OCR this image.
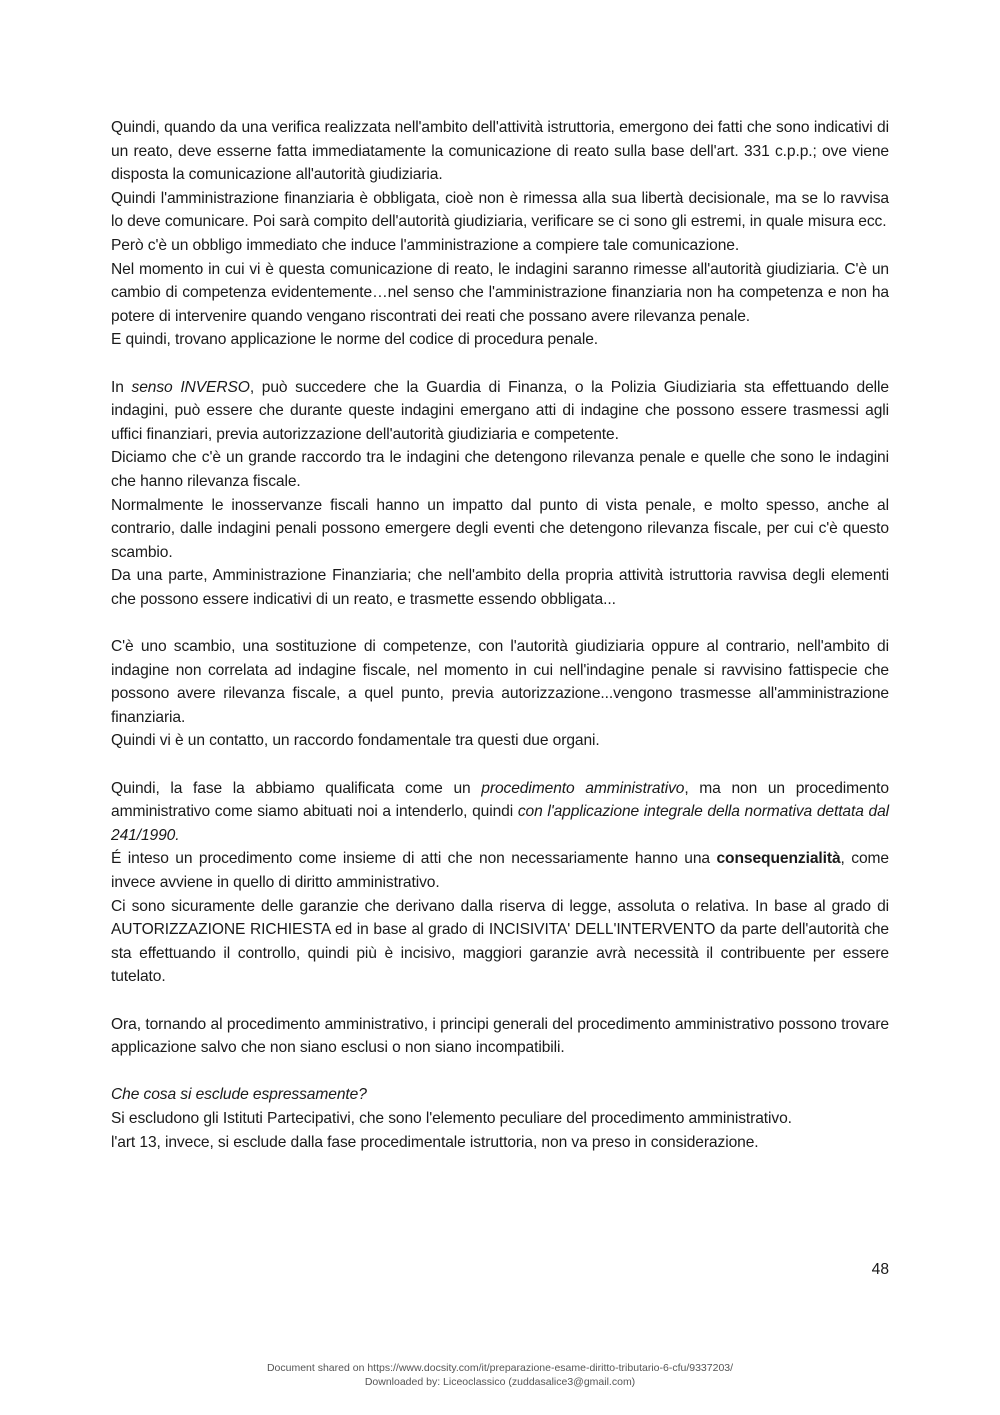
Quindi, quando da una verifica realizzata nell'ambito dell'attività istruttoria, emergono dei fatti che sono indicativi di un reato, deve esserne fatta immediatamente la comunicazione di reato sulla base dell'art. 331 c.p.p.; ove viene disposta la comunicazione all'autorità giudiziaria.

Quindi l'amministrazione finanziaria è obbligata, cioè non è rimessa alla sua libertà decisionale, ma se lo ravvisa lo deve comunicare. Poi sarà compito dell'autorità giudiziaria, verificare se ci sono gli estremi, in quale misura ecc.

Però c'è un obbligo immediato che induce l'amministrazione a compiere tale comunicazione.

Nel momento in cui vi è questa comunicazione di reato, le indagini saranno rimesse all'autorità giudiziaria. C'è un cambio di competenza evidentemente…nel senso che l'amministrazione finanziaria non ha competenza e non ha potere di intervenire quando vengano riscontrati dei reati che possano avere rilevanza penale.

E quindi, trovano applicazione le norme del codice di procedura penale.

In senso INVERSO, può succedere che la Guardia di Finanza, o la Polizia Giudiziaria sta effettuando delle indagini, può essere che durante queste indagini emergano atti di indagine che possono essere trasmessi agli uffici finanziari, previa autorizzazione dell'autorità giudiziaria e competente.

Diciamo che c'è un grande raccordo tra le indagini che detengono rilevanza penale e quelle che sono le indagini che hanno rilevanza fiscale.

Normalmente le inosservanze fiscali hanno un impatto dal punto di vista penale, e molto spesso, anche al contrario, dalle indagini penali possono emergere degli eventi che detengono rilevanza fiscale, per cui c'è questo scambio.

Da una parte, Amministrazione Finanziaria; che nell'ambito della propria attività istruttoria ravvisa degli elementi che possono essere indicativi di un reato, e trasmette essendo obbligata...

C'è uno scambio, una sostituzione di competenze, con l'autorità giudiziaria oppure al contrario, nell'ambito di indagine non correlata ad indagine fiscale, nel momento in cui nell'indagine penale si ravvisino fattispecie che possono avere rilevanza fiscale, a quel punto, previa autorizzazione...vengono trasmesse all'amministrazione finanziaria.

Quindi vi è un contatto, un raccordo fondamentale tra questi due organi.

Quindi, la fase la abbiamo qualificata come un procedimento amministrativo, ma non un procedimento amministrativo come siamo abituati noi a intenderlo, quindi con l'applicazione integrale della normativa dettata dal 241/1990.

É inteso un procedimento come insieme di atti che non necessariamente hanno una consequenzialità, come invece avviene in quello di diritto amministrativo.

Ci sono sicuramente delle garanzie che derivano dalla riserva di legge, assoluta o relativa. In base al grado di AUTORIZZAZIONE RICHIESTA ed in base al grado di INCISIVITA' DELL'INTERVENTO da parte dell'autorità che sta effettuando il controllo, quindi più è incisivo, maggiori garanzie avrà necessità il contribuente per essere tutelato.

Ora, tornando al procedimento amministrativo, i principi generali del procedimento amministrativo possono trovare applicazione salvo che non siano esclusi o non siano incompatibili.

Che cosa si esclude espressamente?

Si escludono gli Istituti Partecipativi, che sono l'elemento peculiare del procedimento amministrativo.

l'art 13, invece, si esclude dalla fase procedimentale istruttoria, non va preso in considerazione.

48
Document shared on https://www.docsity.com/it/preparazione-esame-diritto-tributario-6-cfu/9337203/
Downloaded by: Liceoclassico (zuddasalice3@gmail.com)
